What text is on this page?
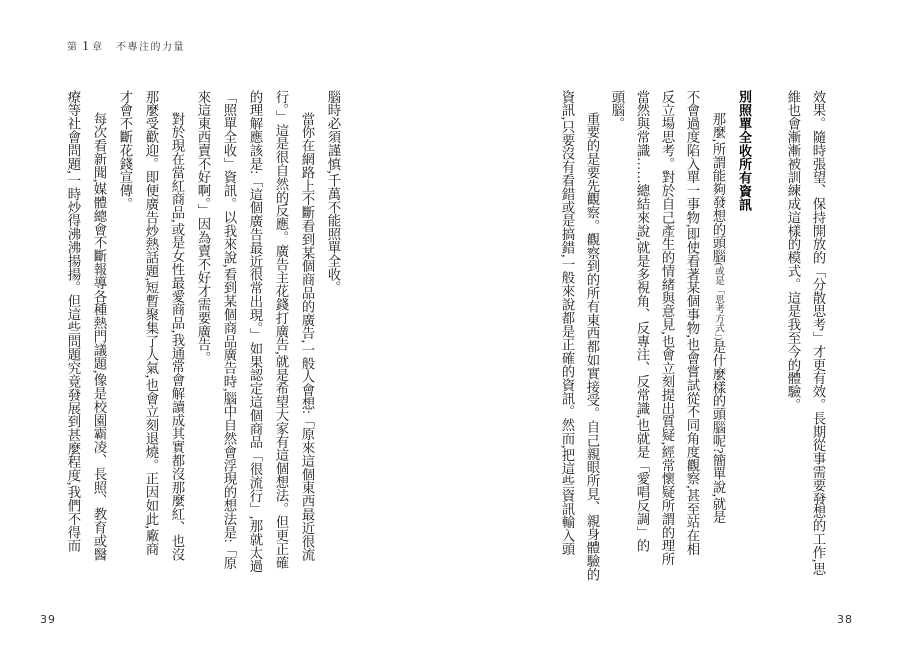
第 1 章 不專注的力量
效果。隨時張望、保持開放的「分散思考」才更有效。長期從事需要發想的工作,思
維也會漸漸被訓練成這樣的模式。這是我至今的體驗。
別照單全收所有資訊
那麼,所謂能夠發想的頭腦(或是「思考方式」)是什麼樣的頭腦呢?簡單說,就是
不會過度陷入單一事物,即使看著某個事物,也會嘗試從不同角度觀察,甚至站在相
反立場思考。對於自己產生的情緒與意見,也會立刻提出質疑,經常懷疑所謂的理所
當然與常識……總結來說,就是多視角、反專注、反常識,也就是「愛唱反調」的
頭腦。
重要的是要先觀察。觀察到的所有東西都如實接受。自己親眼所見、親身體驗的
資訊,只要沒有看錯或是搞錯,一般來說都是正確的資訊。然而,把這些資訊輸入頭
38
腦時必須謹慎,千萬不能照單全收。
當你在網路上不斷看到某個商品的廣告,一般人會想:「原來這個東西最近很流
行。」這是很自然的反應。廣告主花錢打廣告,就是希望大家有這個想法。但更正確
的理解應該是:「這個廣告最近很常出現。」如果認定這個商品「很流行」,那就太過
「照單全收」資訊。以我來說,看到某個商品廣告時,腦中自然會浮現的想法是:「原
來這東西賣不好啊。」因為賣不好才需要廣告。
對於現在當紅商品,或是女性最愛商品,我通常會解讀成其實都沒那麼紅、也沒
那麼受歡迎。即便廣告炒熱話題,短暫聚集了人氣,也會立刻退燒。正因如此,廠商
才會不斷花錢宣傳。
每次看新聞,媒體總會不斷報導各種熱門議題,像是校園霸凌、長照、教育或醫
療等社會問題,一時炒得沸沸揚揚。但這些問題究竟發展到甚麼程度,我們不得而
39
